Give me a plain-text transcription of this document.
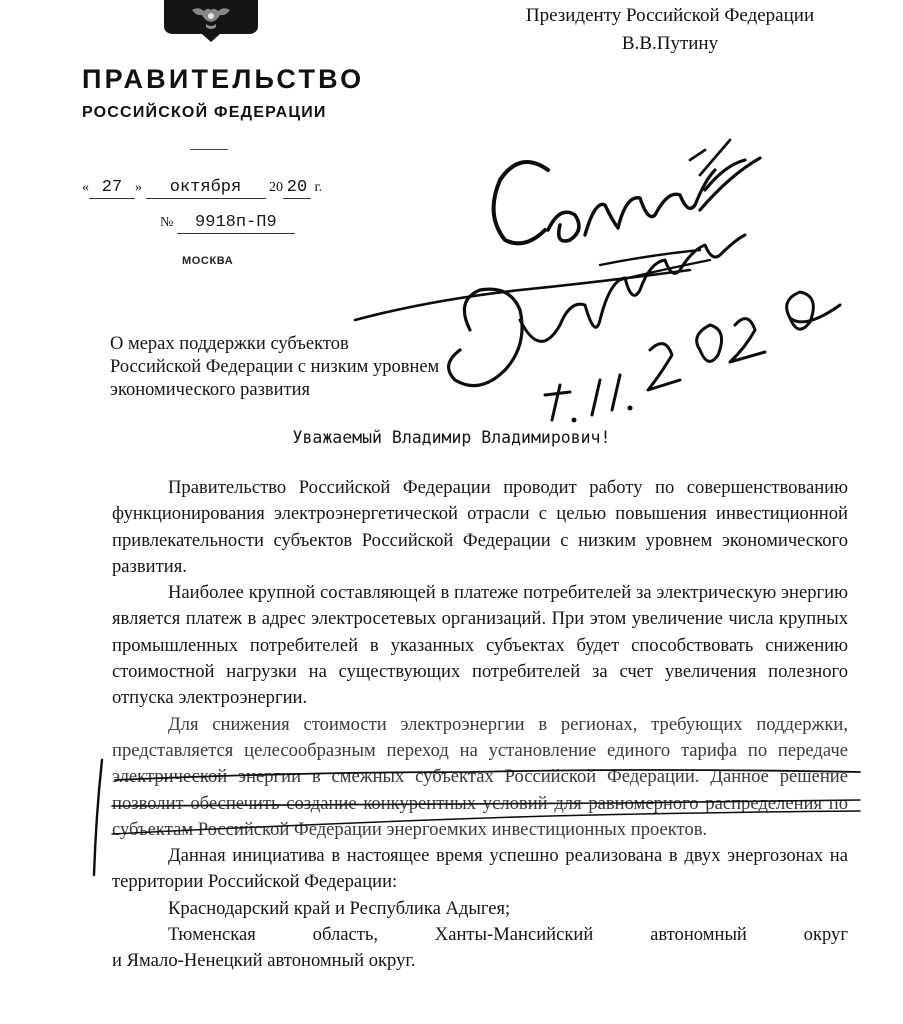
Президенту Российской Федерации
В.В.Путину
ПРАВИТЕЛЬСТВО
РОССИЙСКОЙ ФЕДЕРАЦИИ
« 27 » октября 20 20 г.
№ 9918п-П9
МОСКВА
О мерах поддержки субъектов
Российской Федерации с низким уровнем
экономического развития
Уважаемый Владимир Владимирович!

Правительство Российской Федерации проводит работу по совершенствованию функционирования электроэнергетической отрасли с целью повышения инвестиционной привлекательности субъектов Российской Федерации с низким уровнем экономического развития.

Наиболее крупной составляющей в платеже потребителей за электрическую энергию является платеж в адрес электросетевых организаций. При этом увеличение числа крупных промышленных потребителей в указанных субъектах будет способствовать снижению стоимостной нагрузки на существующих потребителей за счет увеличения полезного отпуска электроэнергии.

Для снижения стоимости электроэнергии в регионах, требующих поддержки, представляется целесообразным переход на установление единого тарифа по передаче электрической энергии в смежных субъектах Российской Федерации. Данное решение позволит обеспечить создание конкурентных условий для равномерного распределения по субъектам Российской Федерации энергоемких инвестиционных проектов.

Данная инициатива в настоящее время успешно реализована в двух энергозонах на территории Российской Федерации:

Краснодарский край и Республика Адыгея;

Тюменская область, Ханты-Мансийский автономный округ

и Ямало-Ненецкий автономный округ.
